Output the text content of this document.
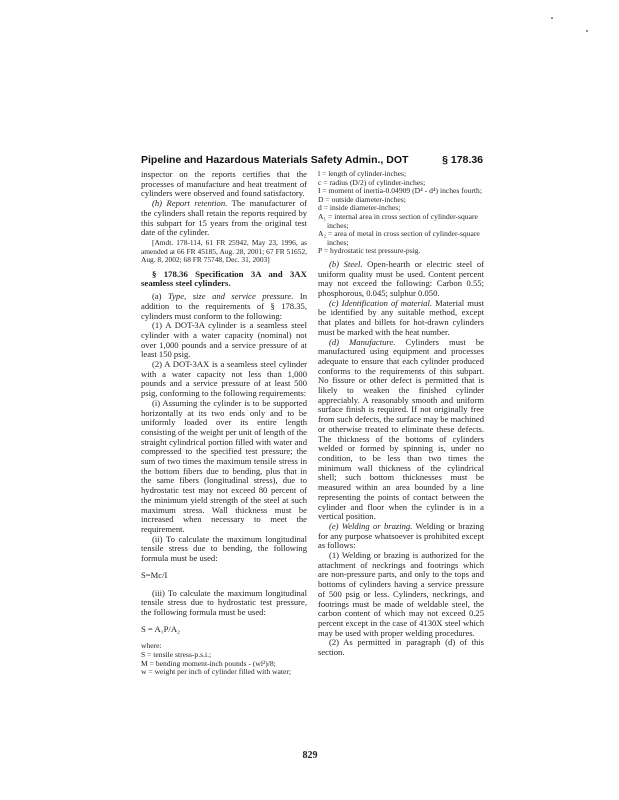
Pipeline and Hazardous Materials Safety Admin., DOT	§ 178.36

inspector on the reports certifies that the processes of manufacture and heat treatment of cylinders were observed and found satisfactory.

(h) Report retention. The manufacturer of the cylinders shall retain the reports required by this subpart for 15 years from the original test date of the cylinder.

[Amdt. 178-114, 61 FR 25942, May 23, 1996, as amended at 66 FR 45185, Aug. 28, 2001; 67 FR 51652, Aug. 8, 2002; 68 FR 75748, Dec. 31, 2003]

§ 178.36 Specification 3A and 3AX seamless steel cylinders.

(a) Type, size and service pressure. In addition to the requirements of § 178.35, cylinders must conform to the following:

(1) A DOT-3A cylinder is a seamless steel cylinder with a water capacity (nominal) not over 1,000 pounds and a service pressure of at least 150 psig.

(2) A DOT-3AX is a seamless steel cylinder with a water capacity not less than 1,000 pounds and a service pressure of at least 500 psig, conforming to the following requirements:

(i) Assuming the cylinder is to be supported horizontally at its two ends only and to be uniformly loaded over its entire length consisting of the weight per unit of length of the straight cylindrical portion filled with water and compressed to the specified test pressure; the sum of two times the maximum tensile stress in the bottom fibers due to bending, plus that in the same fibers (longitudinal stress), due to hydrostatic test may not exceed 80 percent of the minimum yield strength of the steel at such maximum stress. Wall thickness must be increased when necessary to meet the requirement.

(ii) To calculate the maximum longitudinal tensile stress due to bending, the following formula must be used:

S=Mc/I

(iii) To calculate the maximum longitudinal tensile stress due to hydrostatic test pressure, the following formula must be used:

S = A₁P/A₂

where:

S = tensile stress-p.s.i.;

M = bending moment-inch pounds - (wl²)/8;

w = weight per inch of cylinder filled with water;

l = length of cylinder-inches;

c = radius (D/2) of cylinder-inches;

I = moment of inertia-0.04909 (D⁴ - d⁴) inches fourth;

D = outside diameter-inches;

d = inside diameter-inches;

A₁ = internal area in cross section of cylinder-square inches;

A₂ = area of metal in cross section of cylinder-square inches;

P = hydrostatic test pressure-psig.

(b) Steel. Open-hearth or electric steel of uniform quality must be used. Content percent may not exceed the following: Carbon 0.55; phosphorous, 0.045; sulphur 0.050.

(c) Identification of material. Material must be identified by any suitable method, except that plates and billets for hot-drawn cylinders must be marked with the heat number.

(d) Manufacture. Cylinders must be manufactured using equipment and processes adequate to ensure that each cylinder produced conforms to the requirements of this subpart. No fissure or other defect is permitted that is likely to weaken the finished cylinder appreciably. A reasonably smooth and uniform surface finish is required. If not originally free from such defects, the surface may be machined or otherwise treated to eliminate these defects. The thickness of the bottoms of cylinders welded or formed by spinning is, under no condition, to be less than two times the minimum wall thickness of the cylindrical shell; such bottom thicknesses must be measured within an area bounded by a line representing the points of contact between the cylinder and floor when the cylinder is in a vertical position.

(e) Welding or brazing. Welding or brazing for any purpose whatsoever is prohibited except as follows:

(1) Welding or brazing is authorized for the attachment of neckrings and footrings which are non-pressure parts, and only to the tops and bottoms of cylinders having a service pressure of 500 psig or less. Cylinders, neckrings, and footrings must be made of weldable steel, the carbon content of which may not exceed 0.25 percent except in the case of 4130X steel which may be used with proper welding procedures.

(2) As permitted in paragraph (d) of this section.

829
